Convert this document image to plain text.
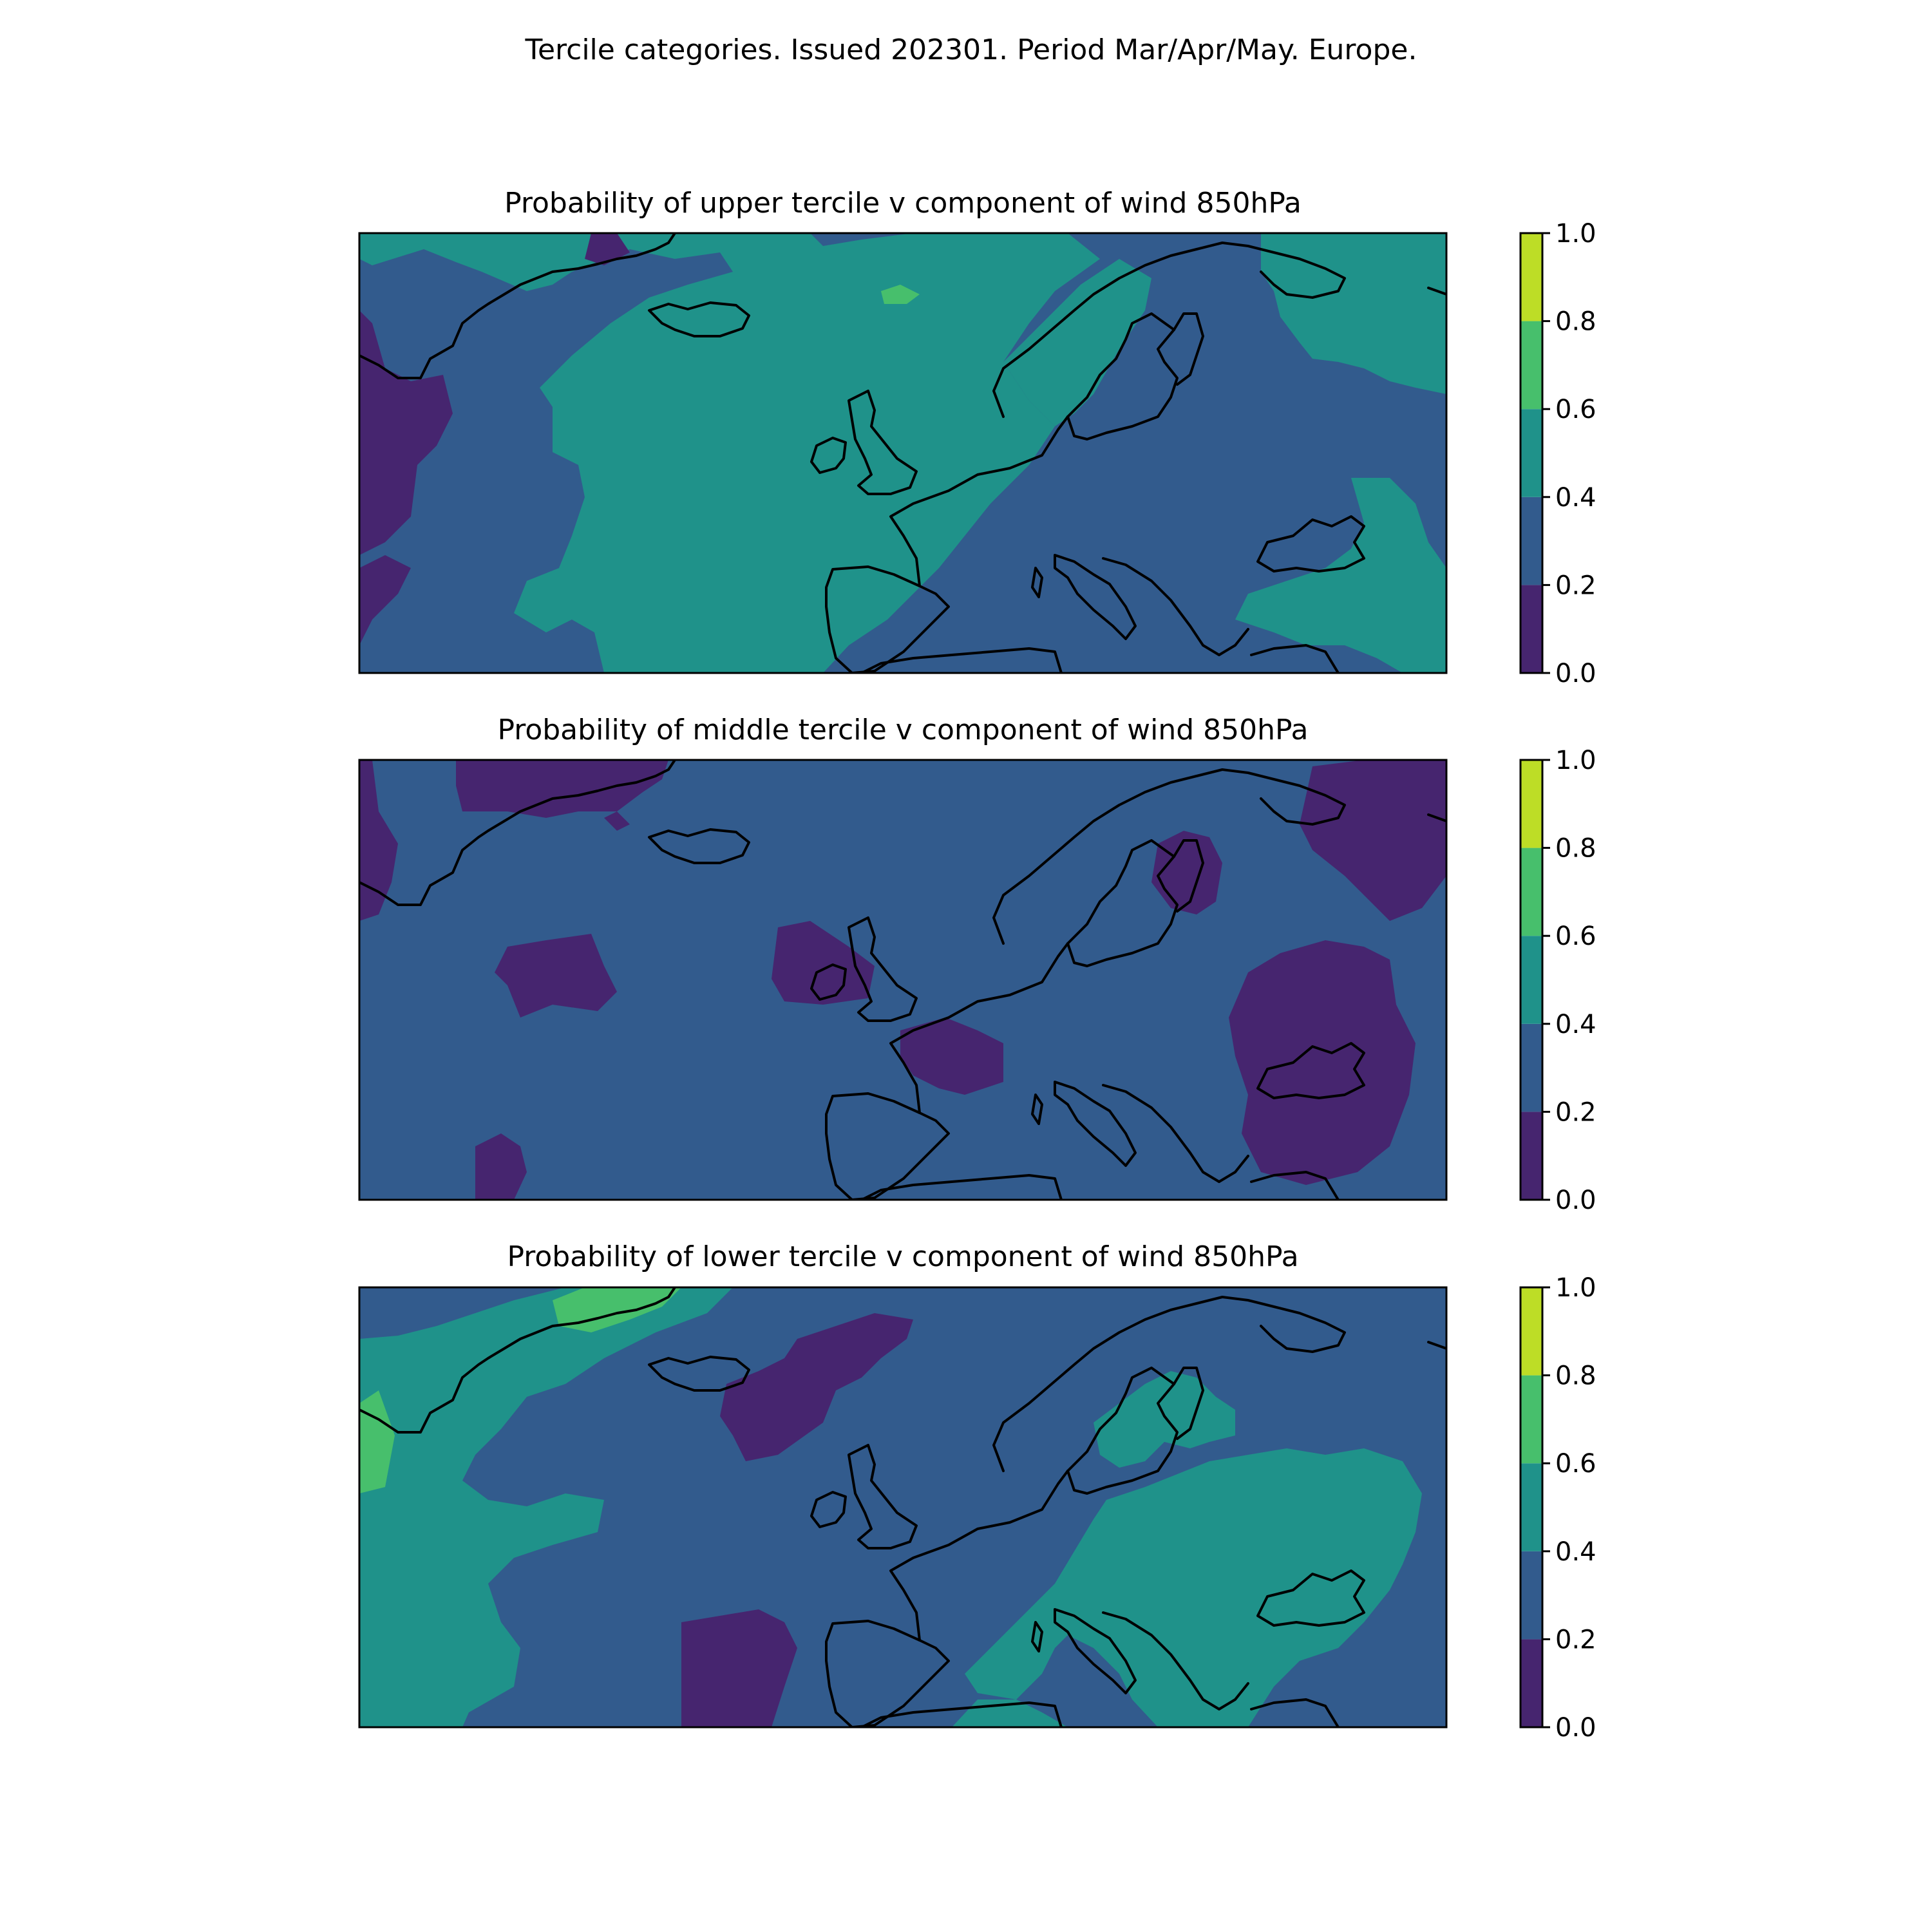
Tercile categories. Issued 202301. Period Mar/Apr/May. Europe.
Probability of upper tercile v component of wind 850hPa
Probability of middle tercile v component of wind 850hPa
Probability of lower tercile v component of wind 850hPa
0.0
0.2
0.4
0.6
0.8
1.0
0.0
0.2
0.4
0.6
0.8
1.0
0.0
0.2
0.4
0.6
0.8
1.0
